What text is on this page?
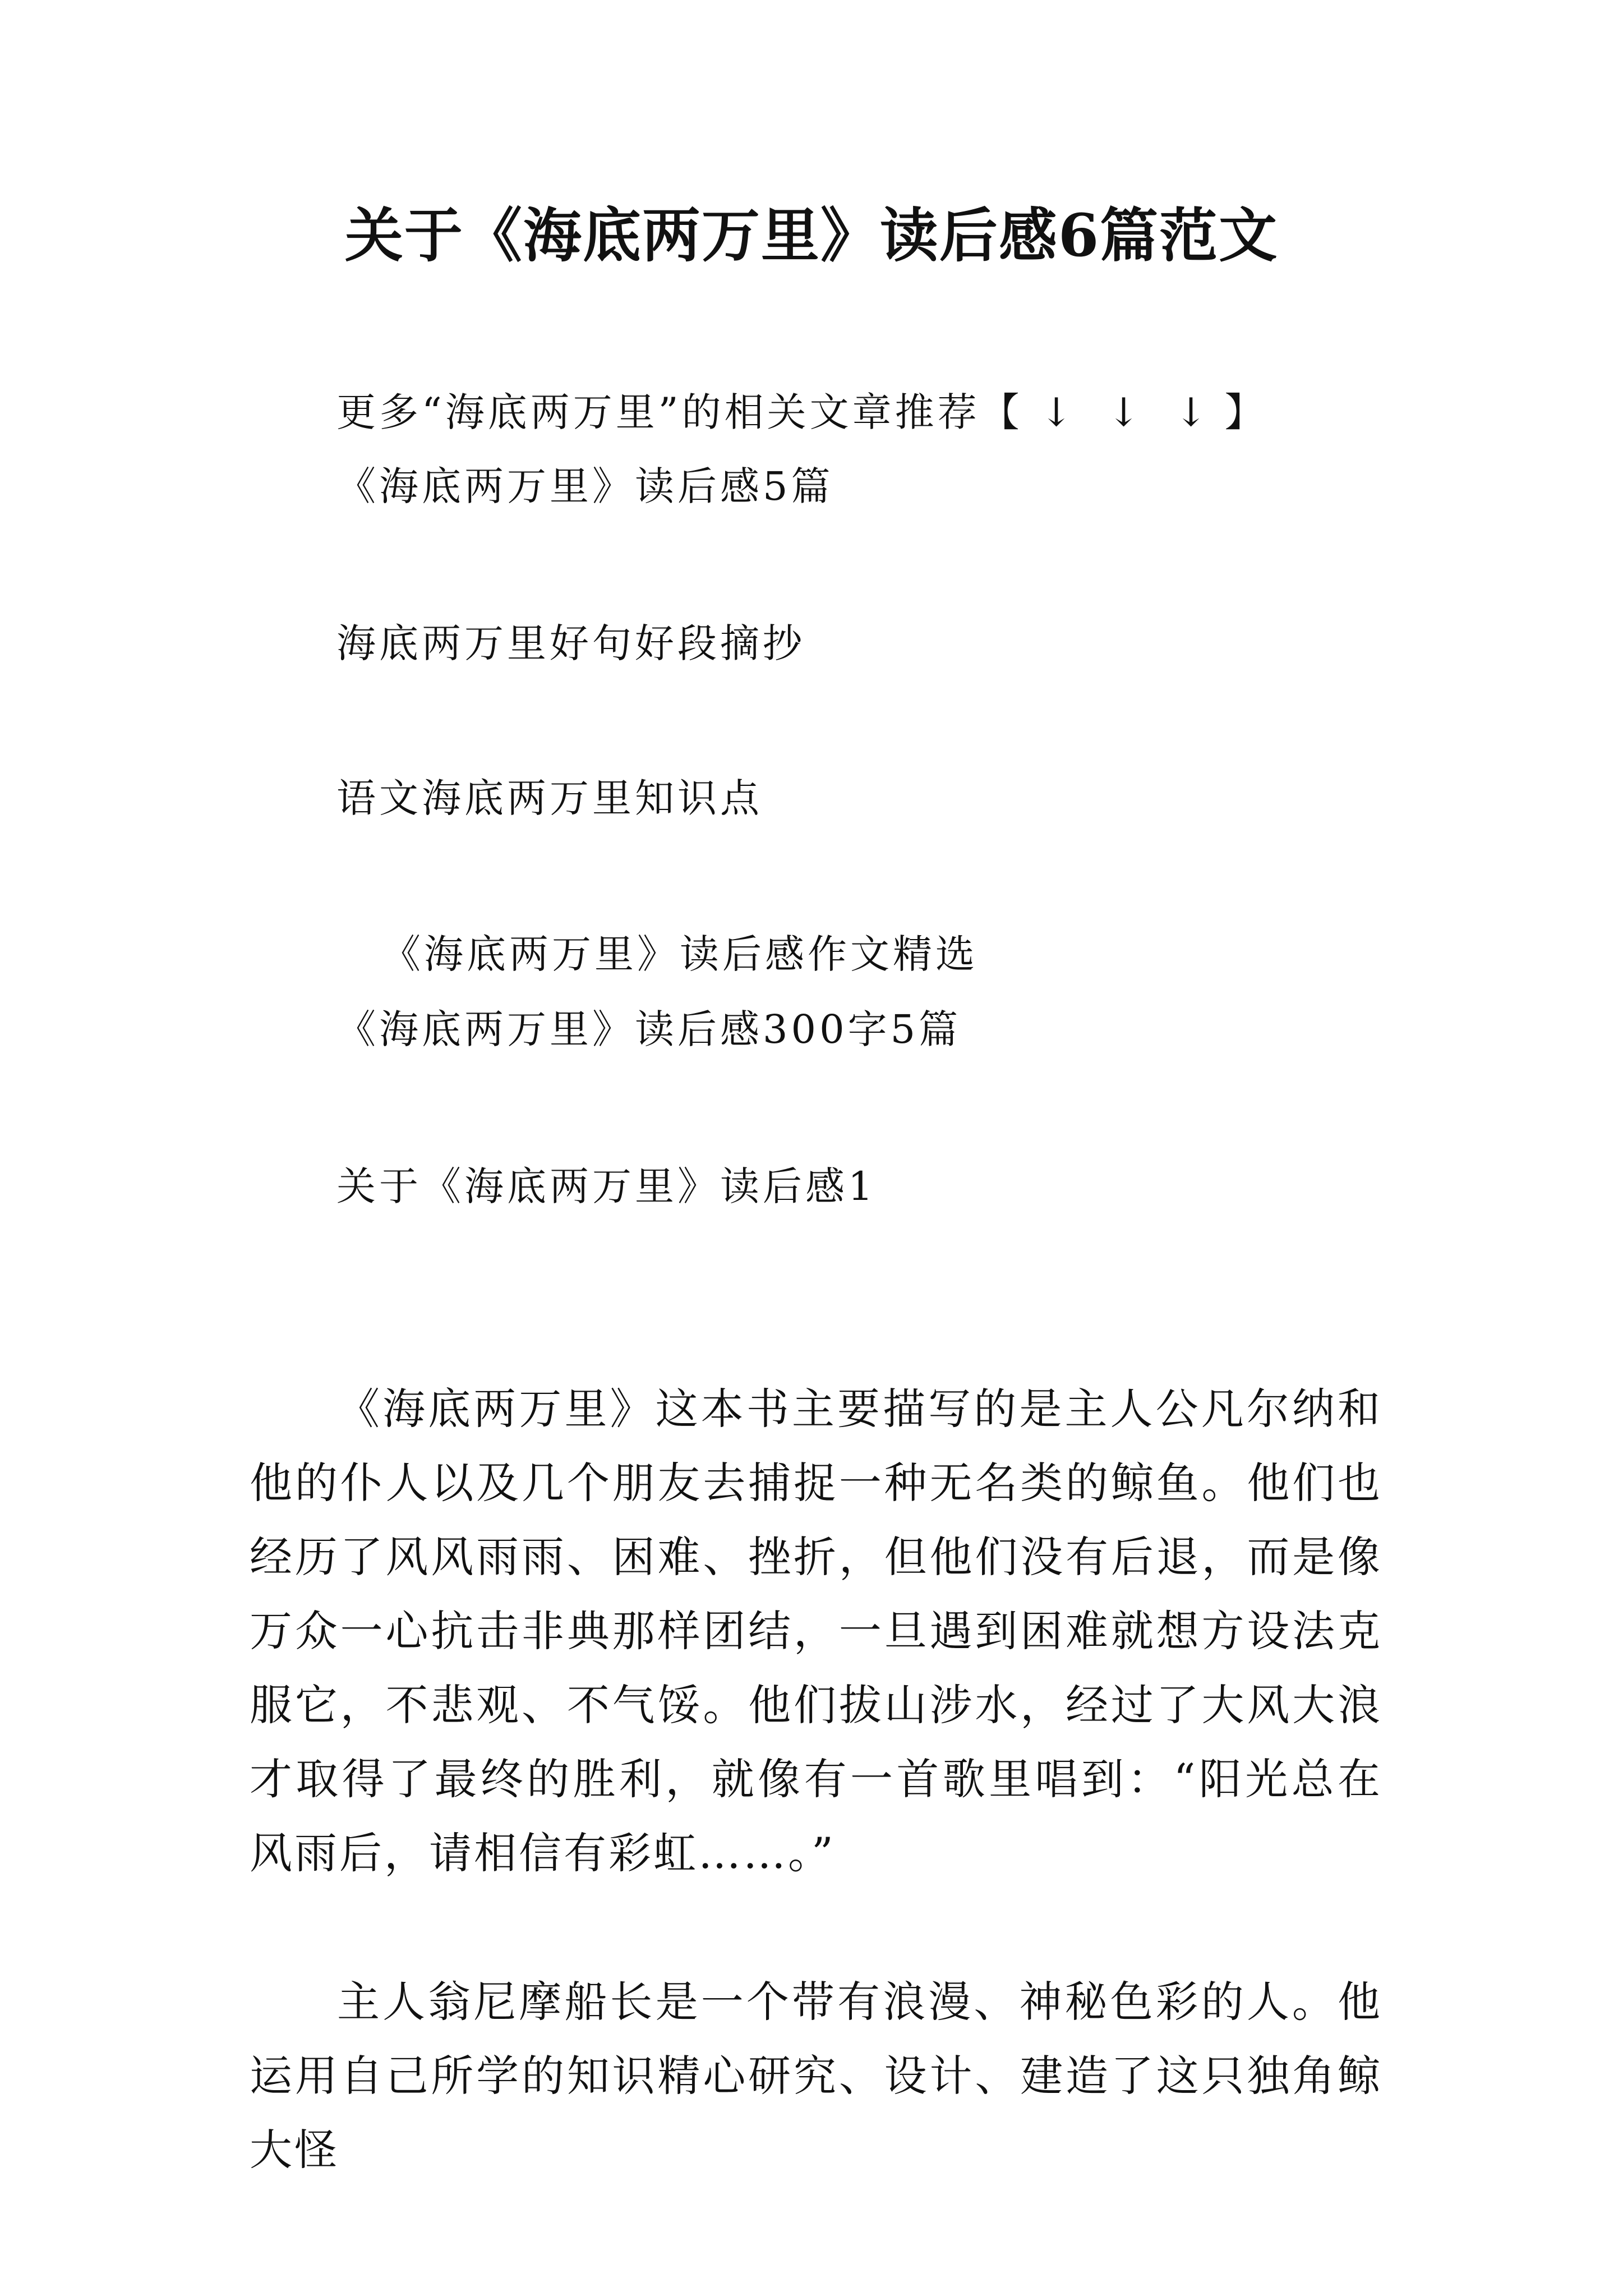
关于《海底两万里》读后感6篇范文
更多“海底两万里”的相关文章推荐【 ↓ ↓ ↓ 】
《海底两万里》读后感5篇
海底两万里好句好段摘抄
语文海底两万里知识点
《海底两万里》读后感作文精选
《海底两万里》读后感300字5篇
关于《海底两万里》读后感1

《海底两万里》这本书主要描写的是主人公凡尔纳和他的仆人以及几个朋友去捕捉一种无名类的鲸鱼。他们也经历了风风雨雨、困难、挫折，但他们没有后退，而是像万众一心抗击非典那样团结，一旦遇到困难就想方设法克服它，不悲观、不气馁。他们拔山涉水，经过了大风大浪才取得了最终的胜利，就像有一首歌里唱到：“阳光总在风雨后，请相信有彩虹……。”

主人翁尼摩船长是一个带有浪漫、神秘色彩的人。他运用自己所学的知识精心研究、设计、建造了这只独角鲸大怪
